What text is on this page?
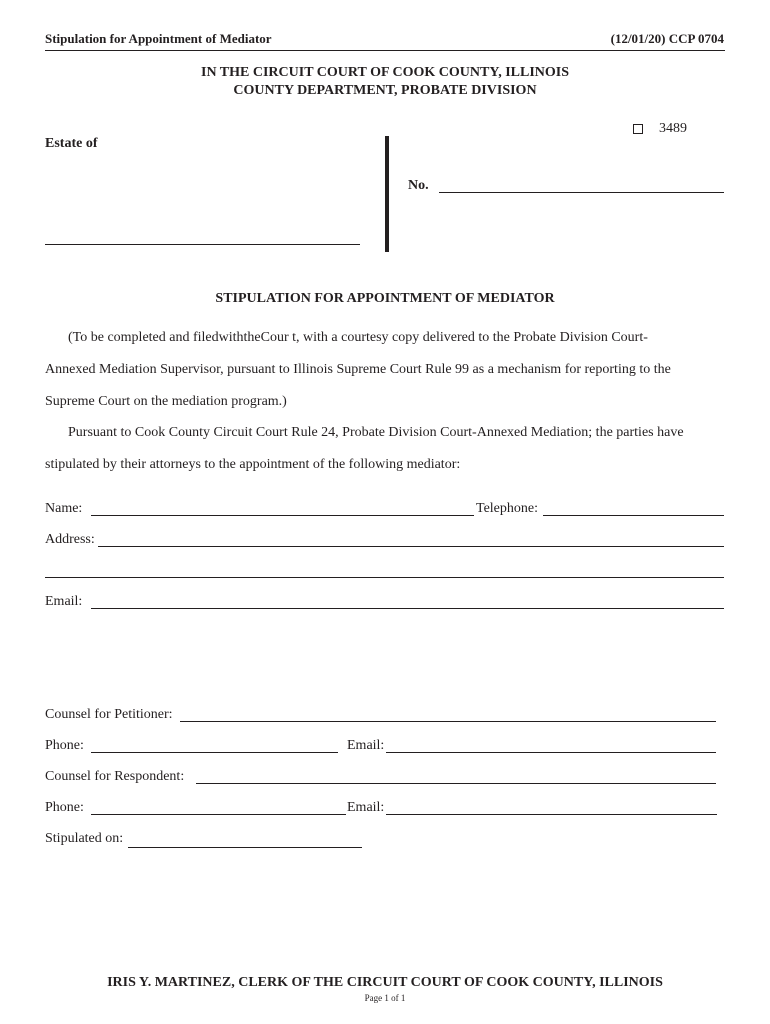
Stipulation for Appointment of Mediator	(12/01/20) CCP 0704
IN THE CIRCUIT COURT OF COOK COUNTY, ILLINOIS
COUNTY DEPARTMENT, PROBATE DIVISION
3489
Estate of
No.
STIPULATION FOR APPOINTMENT OF MEDIATOR
(To be completed and filedwiththeCour t, with a courtesy copy delivered to the Probate Division Court-
Annexed Mediation Supervisor, pursuant to Illinois Supreme Court Rule 99 as a mechanism for reporting to the
Supreme Court on the mediation program.)
Pursuant to Cook County Circuit Court Rule 24, Probate Division Court-Annexed Mediation; the parties have
stipulated by their attorneys to the appointment of the following mediator:
Name:	Telephone:
Address:
Email:
Counsel for Petitioner:
Phone:	Email:
Counsel for Respondent:
Phone:	Email:
Stipulated on:
IRIS Y. MARTINEZ, CLERK OF THE CIRCUIT COURT OF COOK COUNTY, ILLINOIS
Page 1 of 1
